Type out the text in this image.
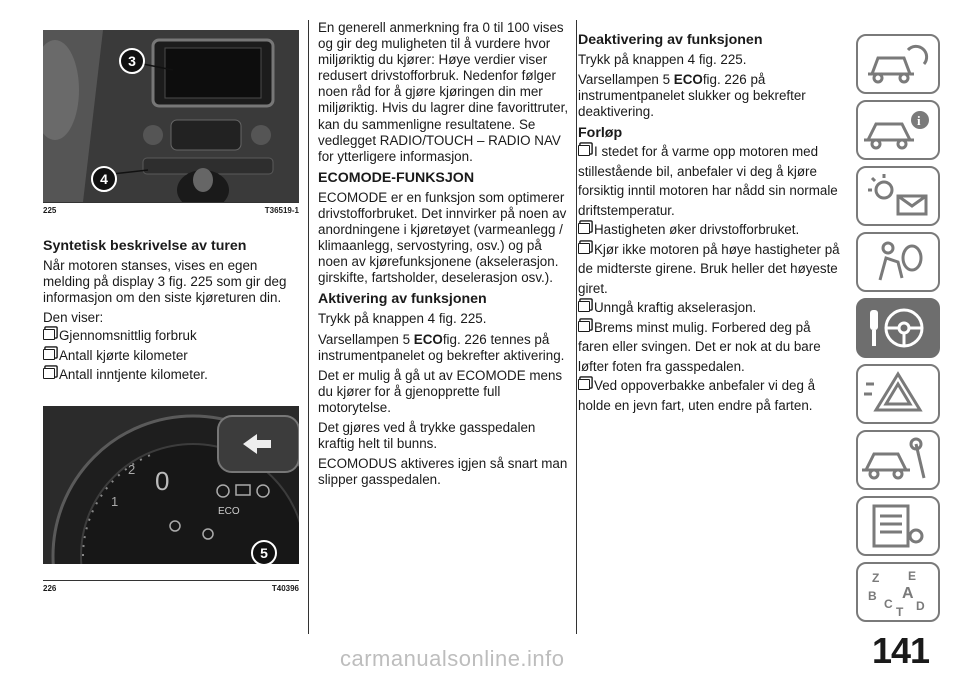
3
4
225	T36519-1
Syntetisk beskrivelse av turen

Når motoren stanses, vises en egen melding på display 3 fig. 225 som gir deg informasjon om den siste kjøreturen din.

Den viser:

Gjennomsnittlig forbruk

Antall kjørte kilometer

Antall inntjente kilometer.

2
1
0
ECO
5
226	T40396

En generell anmerkning fra 0 til 100 vises og gir deg muligheten til å vurdere hvor miljøriktig du kjører: Høye verdier viser redusert drivstofforbruk. Nedenfor følger noen råd for å gjøre kjøringen din mer miljøriktig. Hvis du lagrer dine favorittruter, kan du sammenligne resultatene. Se vedlegget RADIO/TOUCH – RADIO NAV for ytterligere informasjon.

ECOMODE-FUNKSJON

ECOMODE er en funksjon som optimerer drivstofforbruket. Det innvirker på noen av anordningene i kjøretøyet (varmeanlegg / klimaanlegg, servostyring, osv.) og på noen av kjørefunksjonene (akselerasjon. girskifte, fartsholder, deselerasjon osv.).

Aktivering av funksjonen

Trykk på knappen 4 fig. 225.

Varsellampen 5 ECOfig. 226 tennes på instrumentpanelet og bekrefter aktivering.

Det er mulig å gå ut av ECOMODE mens du kjører for å gjenopprette full motorytelse.

Det gjøres ved å trykke gasspedalen kraftig helt til bunns.

ECOMODUS aktiveres igjen så snart man slipper gasspedalen.

Deaktivering av funksjonen

Trykk på knappen 4 fig. 225.

Varsellampen 5 ECOfig. 226 på instrumentpanelet slukker og bekrefter deaktivering.

Forløp

I stedet for å varme opp motoren med stillestående bil, anbefaler vi deg å kjøre forsiktig inntil motoren har nådd sin normale driftstemperatur.

Hastigheten øker drivstofforbruket.

Kjør ikke motoren på høye hastigheter på de midterste girene. Bruk heller det høyeste giret.

Unngå kraftig akselerasjon.

Brems minst mulig. Forbered deg på faren eller svingen. Det er nok at du bare løfter foten fra gasspedalen.

Ved oppoverbakke anbefaler vi deg å holde en jevn fart, uten endre på farten.

i
Z E
B A
C
T D
141
carmanualsonline.info
